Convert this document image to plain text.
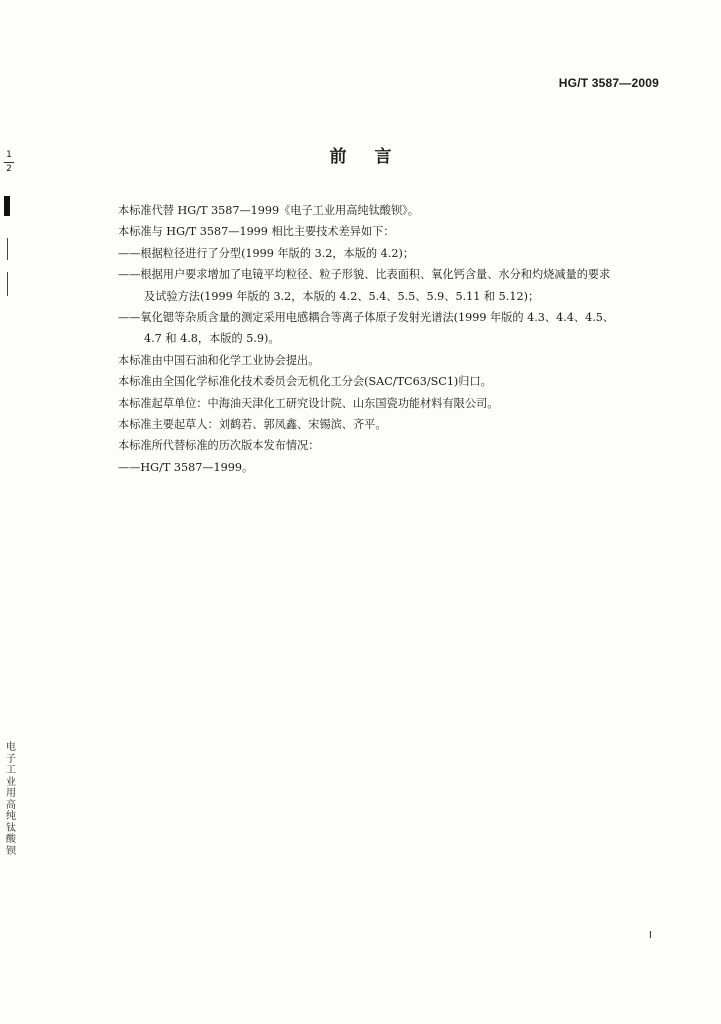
HG/T 3587—2009
前言

本标准代替 HG/T 3587—1999《电子工业用高纯钛酸钡》。

本标准与 HG/T 3587—1999 相比主要技术差异如下：

——根据粒径进行了分型(1999 年版的 3.2，本版的 4.2)；

——根据用户要求增加了电镜平均粒径、粒子形貌、比表面积、氧化钙含量、水分和灼烧减量的要求

及试验方法(1999 年版的 3.2，本版的 4.2、5.4、5.5、5.9、5.11 和 5.12)；

——氧化锶等杂质含量的测定采用电感耦合等离子体原子发射光谱法(1999 年版的 4.3、4.4、4.5、

4.7 和 4.8，本版的 5.9)。

本标准由中国石油和化学工业协会提出。

本标准由全国化学标准化技术委员会无机化工分会(SAC/TC63/SC1)归口。

本标准起草单位：中海油天津化工研究设计院、山东国瓷功能材料有限公司。

本标准主要起草人：刘鹤若、郭凤鑫、宋锡滨、齐平。

本标准所代替标准的历次版本发布情况：

——HG/T 3587—1999。

1
2
电
子
工
业
用
高
纯
钛
酸
钡
I
